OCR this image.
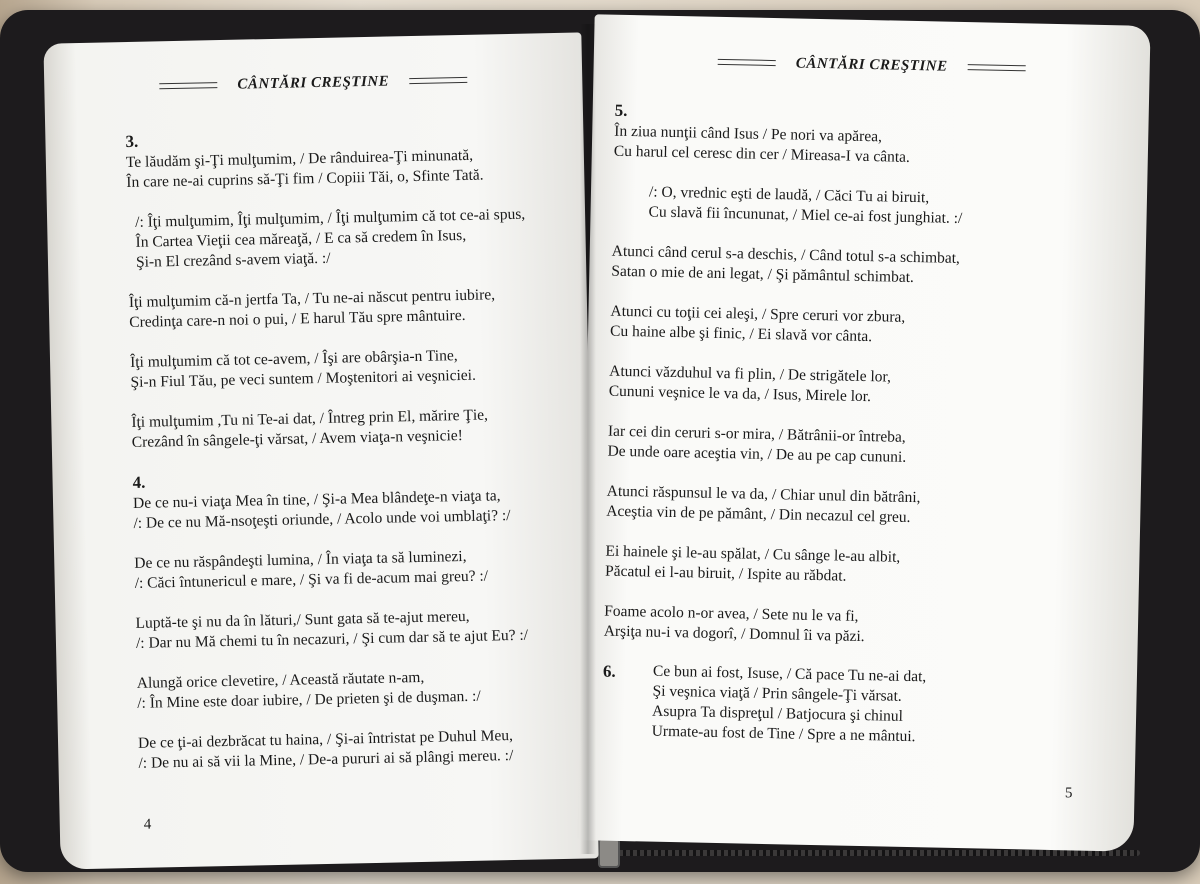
CÂNTĂRI CREŞTINE
3.
Te lăudăm şi-Ţi mulţumim, / De rânduirea-Ţi minunată,
În care ne-ai cuprins să-Ţi fim / Copiii Tăi, o, Sfinte Tată.
/: Îţi mulţumim, Îţi mulţumim, / Îţi mulţumim că tot ce-ai spus,
În Cartea Vieţii cea măreaţă, / E ca să credem în Isus,
Şi-n El crezând s-avem viaţă. :/
Îţi mulţumim că-n jertfa Ta, / Tu ne-ai născut pentru iubire,
Credinţa care-n noi o pui, / E harul Tău spre mântuire.
Îţi mulţumim că tot ce-avem, / Îşi are obârşia-n Tine,
Şi-n Fiul Tău, pe veci suntem / Moştenitori ai veşniciei.
Îţi mulţumim ,Tu ni Te-ai dat, / Întreg prin El, mărire Ţie,
Crezând în sângele-ţi vărsat, / Avem viaţa-n veşnicie!
4.
De ce nu-i viaţa Mea în tine, / Şi-a Mea blândeţe-n viaţa ta,
/: De ce nu Mă-nsoţeşti oriunde, / Acolo unde voi umblaţi? :/
De ce nu răspândeşti lumina, / În viaţa ta să luminezi,
/: Căci întunericul e mare, / Şi va fi de-acum mai greu? :/
Luptă-te şi nu da în lături,/ Sunt gata să te-ajut mereu,
/: Dar nu Mă chemi tu în necazuri, / Şi cum dar să te ajut Eu? :/
Alungă orice clevetire, / Această răutate n-am,
/: În Mine este doar iubire, / De prieten şi de duşman. :/
De ce ţi-ai dezbrăcat tu haina, / Şi-ai întristat pe Duhul Meu,
/: De nu ai să vii la Mine, / De-a pururi ai să plângi mereu. :/
4
CÂNTĂRI CREŞTINE
5.
În ziua nunţii când Isus / Pe nori va apărea,
Cu harul cel ceresc din cer / Mireasa-I va cânta.
/: O, vrednic eşti de laudă, / Căci Tu ai biruit,
Cu slavă fii încununat, / Miel ce-ai fost junghiat. :/
Atunci când cerul s-a deschis, / Când totul s-a schimbat,
Satan o mie de ani legat, / Şi pământul schimbat.
Atunci cu toţii cei aleşi, / Spre ceruri vor zbura,
Cu haine albe şi finic, / Ei slavă vor cânta.
Atunci văzduhul va fi plin, / De strigătele lor,
Cununi veşnice le va da, / Isus, Mirele lor.
Iar cei din ceruri s-or mira, / Bătrânii-or întreba,
De unde oare aceştia vin, / De au pe cap cununi.
Atunci răspunsul le va da, / Chiar unul din bătrâni,
Aceştia vin de pe pământ, / Din necazul cel greu.
Ei hainele şi le-au spălat, / Cu sânge le-au albit,
Păcatul ei l-au biruit, / Ispite au răbdat.
Foame acolo n-or avea, / Sete nu le va fi,
Arşiţa nu-i va dogorî, / Domnul îi va păzi.
6.	Ce bun ai fost, Isuse, / Că pace Tu ne-ai dat,
Şi veşnica viaţă / Prin sângele-Ţi vărsat.
Asupra Ta dispreţul / Batjocura şi chinul
Urmate-au fost de Tine / Spre a ne mântui.
5
